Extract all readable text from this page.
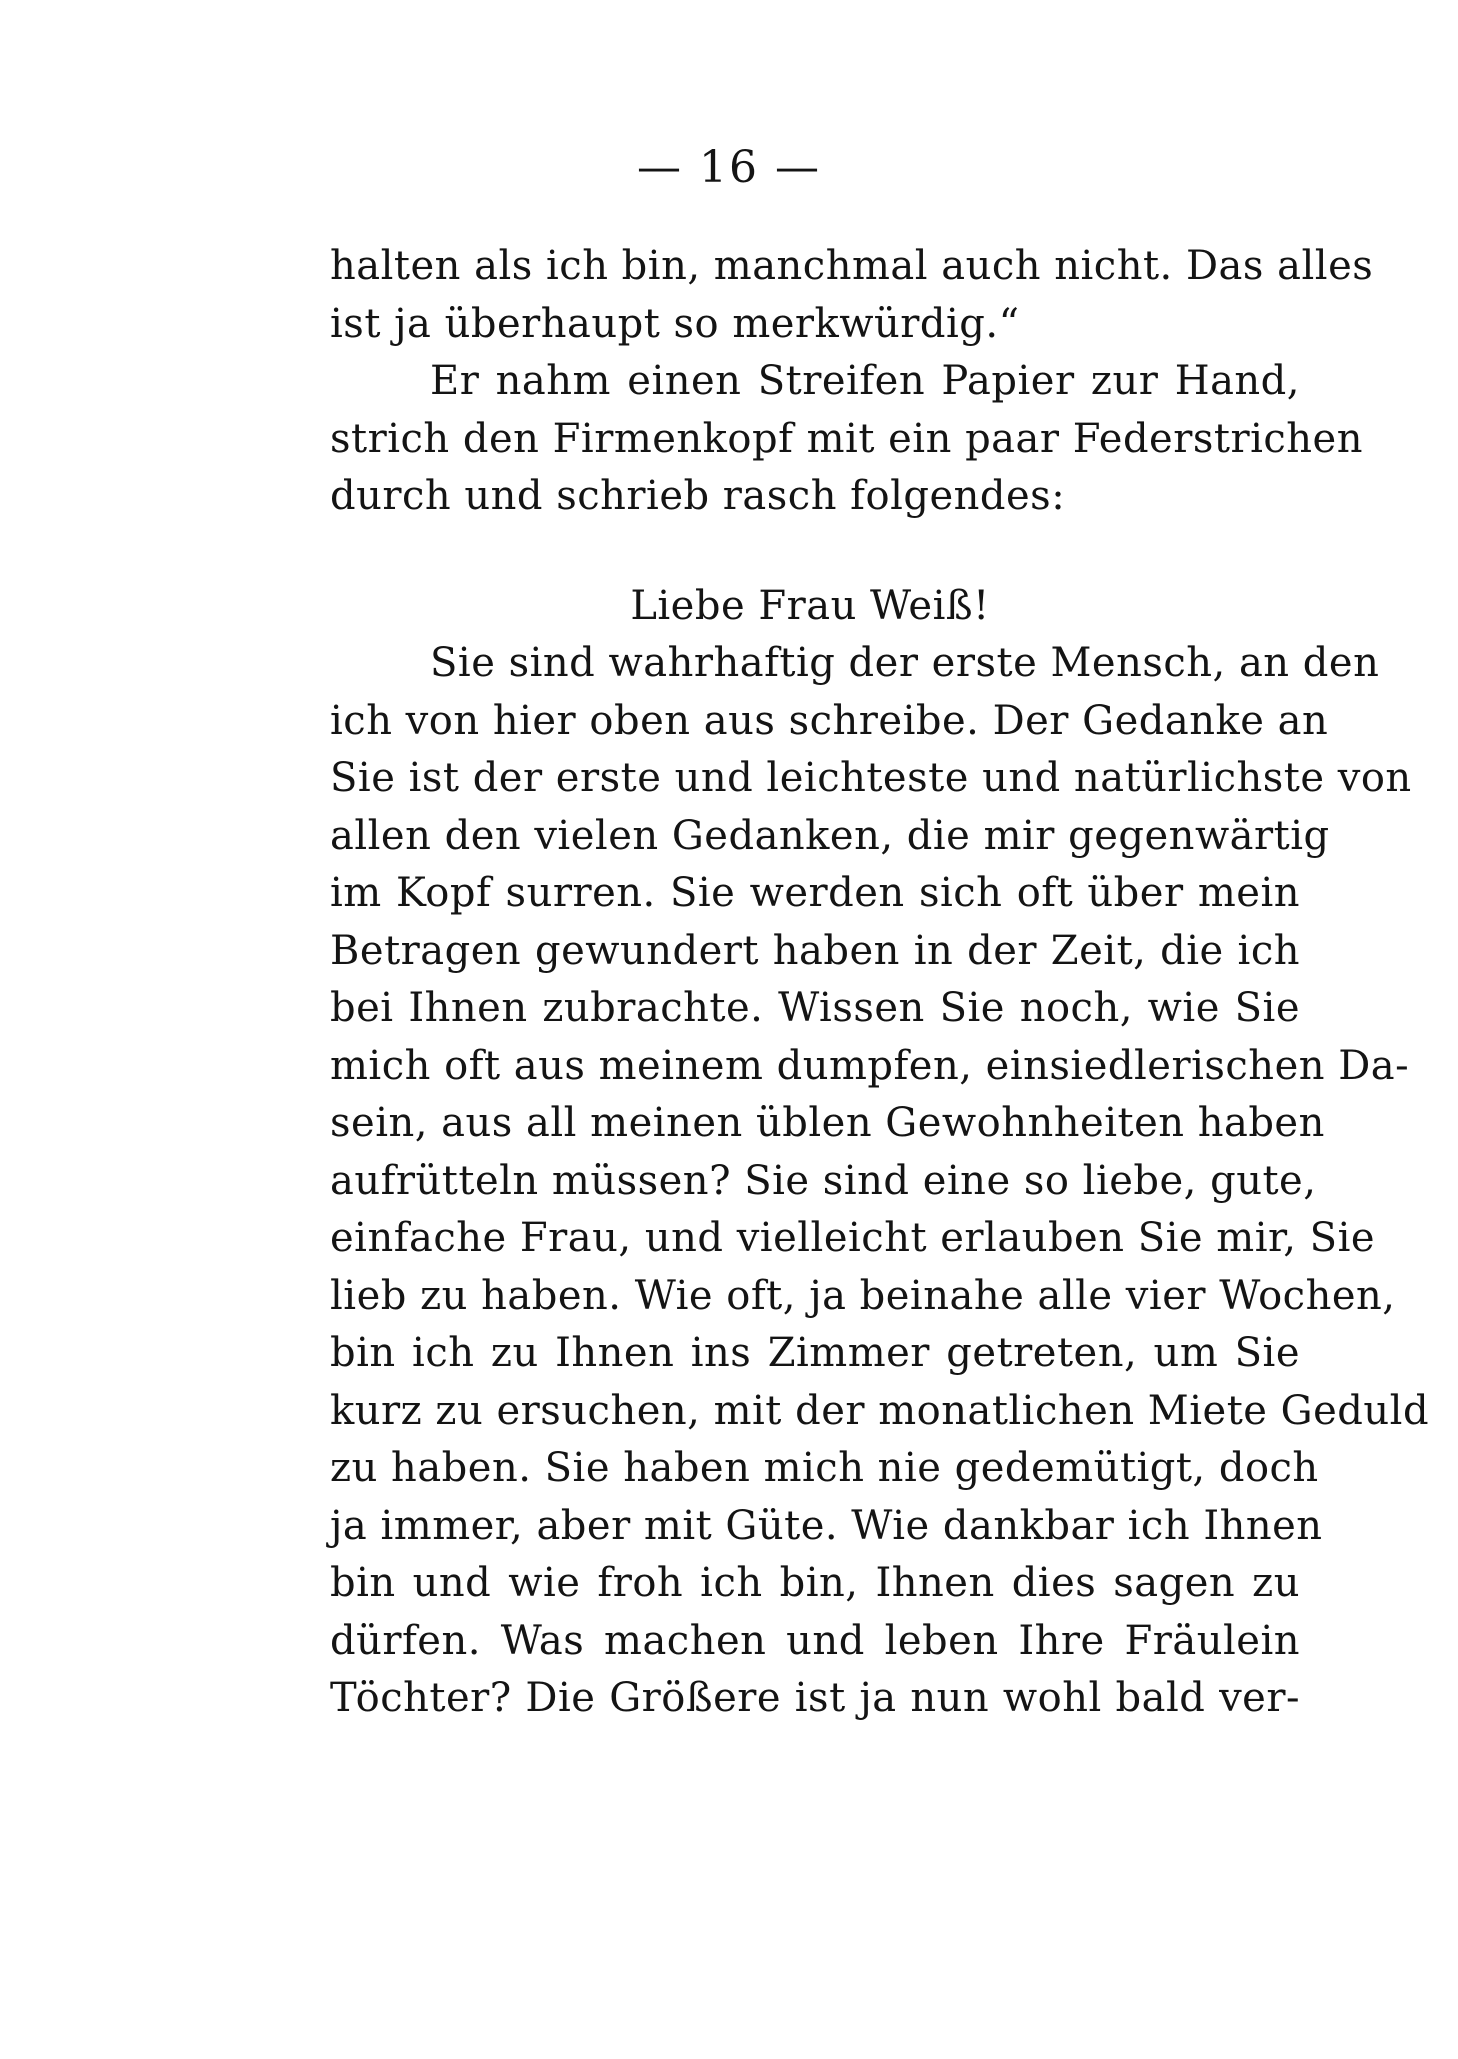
— 16 —
halten als ich bin, manchmal auch nicht. Das alles
ist ja überhaupt so merkwürdig.“
Er nahm einen Streifen Papier zur Hand,
strich den Firmenkopf mit ein paar Federstrichen
durch und schrieb rasch folgendes:
Liebe Frau Weiß!
Sie sind wahrhaftig der erste Mensch, an den
ich von hier oben aus schreibe. Der Gedanke an
Sie ist der erste und leichteste und natürlichste von
allen den vielen Gedanken, die mir gegenwärtig
im Kopf surren. Sie werden sich oft über mein
Betragen gewundert haben in der Zeit, die ich
bei Ihnen zubrachte. Wissen Sie noch, wie Sie
mich oft aus meinem dumpfen, einsiedlerischen Da-
sein, aus all meinen üblen Gewohnheiten haben
aufrütteln müssen? Sie sind eine so liebe, gute,
einfache Frau, und vielleicht erlauben Sie mir, Sie
lieb zu haben. Wie oft, ja beinahe alle vier Wochen,
bin ich zu Ihnen ins Zimmer getreten, um Sie
kurz zu ersuchen, mit der monatlichen Miete Geduld
zu haben. Sie haben mich nie gedemütigt, doch
ja immer, aber mit Güte. Wie dankbar ich Ihnen
bin und wie froh ich bin, Ihnen dies sagen zu
dürfen. Was machen und leben Ihre Fräulein
Töchter? Die Größere ist ja nun wohl bald ver-
